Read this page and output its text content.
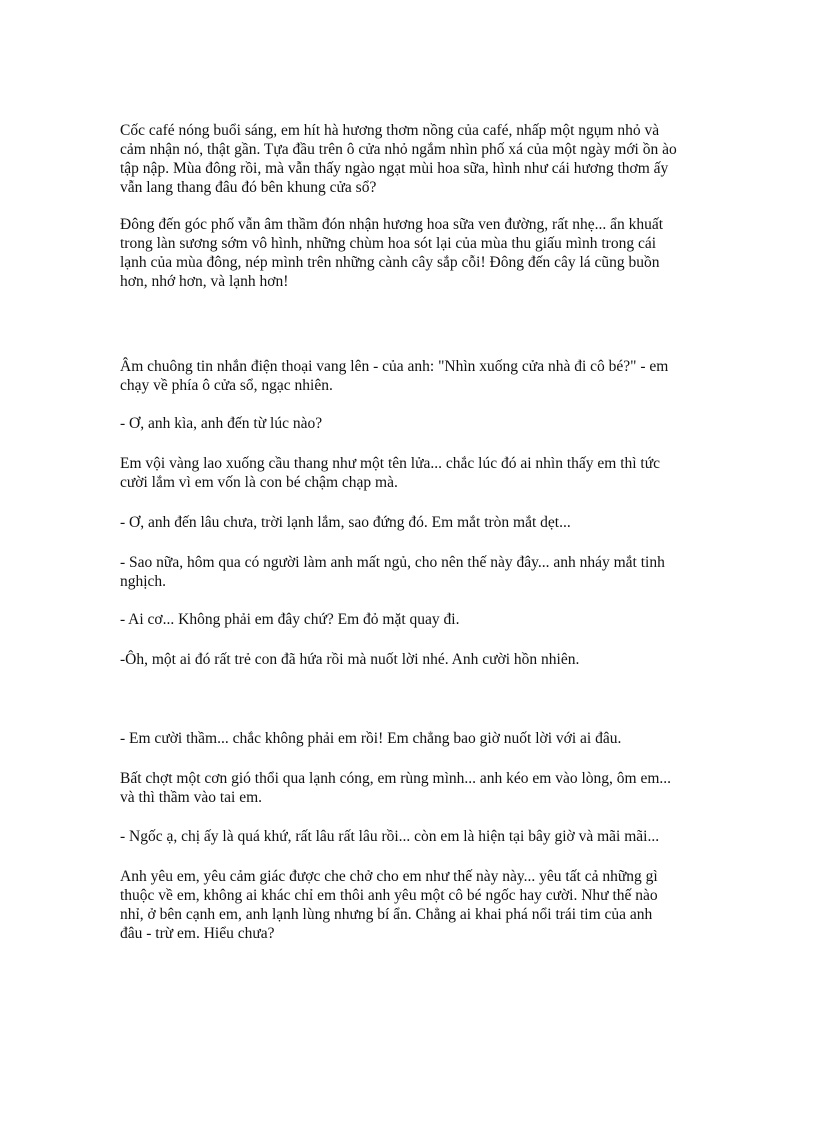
Cốc café nóng buổi sáng, em hít hà hương thơm nồng của café, nhấp một ngụm nhỏ và
cảm nhận nó, thật gần. Tựa đầu trên ô cửa nhỏ ngắm nhìn phố xá của một ngày mới ồn ào
tập nập. Mùa đông rồi, mà vẫn thấy ngào ngạt mùi hoa sữa, hình như cái hương thơm ấy
vẫn lang thang đâu đó bên khung cửa sổ?

Đông đến góc phố vẫn âm thầm đón nhận hương hoa sữa ven đường, rất nhẹ... ẩn khuất
trong làn sương sớm vô hình, những chùm hoa sót lại của mùa thu giấu mình trong cái
lạnh của mùa đông, nép mình trên những cành cây sắp cỗi! Đông đến cây lá cũng buồn
hơn, nhớ hơn, và lạnh hơn!

Âm chuông tin nhắn điện thoại vang lên - của anh: "Nhìn xuống cửa nhà đi cô bé?" - em
chạy về phía ô cửa sổ, ngạc nhiên.

- Ơ, anh kìa, anh đến từ lúc nào?

Em vội vàng lao xuống cầu thang như một tên lửa... chắc lúc đó ai nhìn thấy em thì tức
cười lắm vì em vốn là con bé chậm chạp mà.

- Ơ, anh đến lâu chưa, trời lạnh lắm, sao đứng đó. Em mắt tròn mắt dẹt...

- Sao nữa, hôm qua có người làm anh mất ngủ, cho nên thế này đây... anh nháy mắt tinh
nghịch.

- Ai cơ... Không phải em đây chứ? Em đỏ mặt quay đi.

-Ôh, một ai đó rất trẻ con đã hứa rồi mà nuốt lời nhé. Anh cười hồn nhiên.

- Em cười thầm... chắc không phải em rồi! Em chẳng bao giờ nuốt lời với ai đâu.

Bất chợt một cơn gió thổi qua lạnh cóng, em rùng mình... anh kéo em vào lòng, ôm em...
và thì thầm vào tai em.

- Ngốc ạ, chị ấy là quá khứ, rất lâu rất lâu rồi... còn em là hiện tại bây giờ và mãi mãi...

Anh yêu em, yêu cảm giác được che chở cho em như thế này này... yêu tất cả những gì
thuộc về em, không ai khác chỉ em thôi anh yêu một cô bé ngốc hay cười. Như thế nào
nhỉ, ở bên cạnh em, anh lạnh lùng nhưng bí ẩn. Chẳng ai khai phá nổi trái tim của anh
đâu - trừ em. Hiểu chưa?
